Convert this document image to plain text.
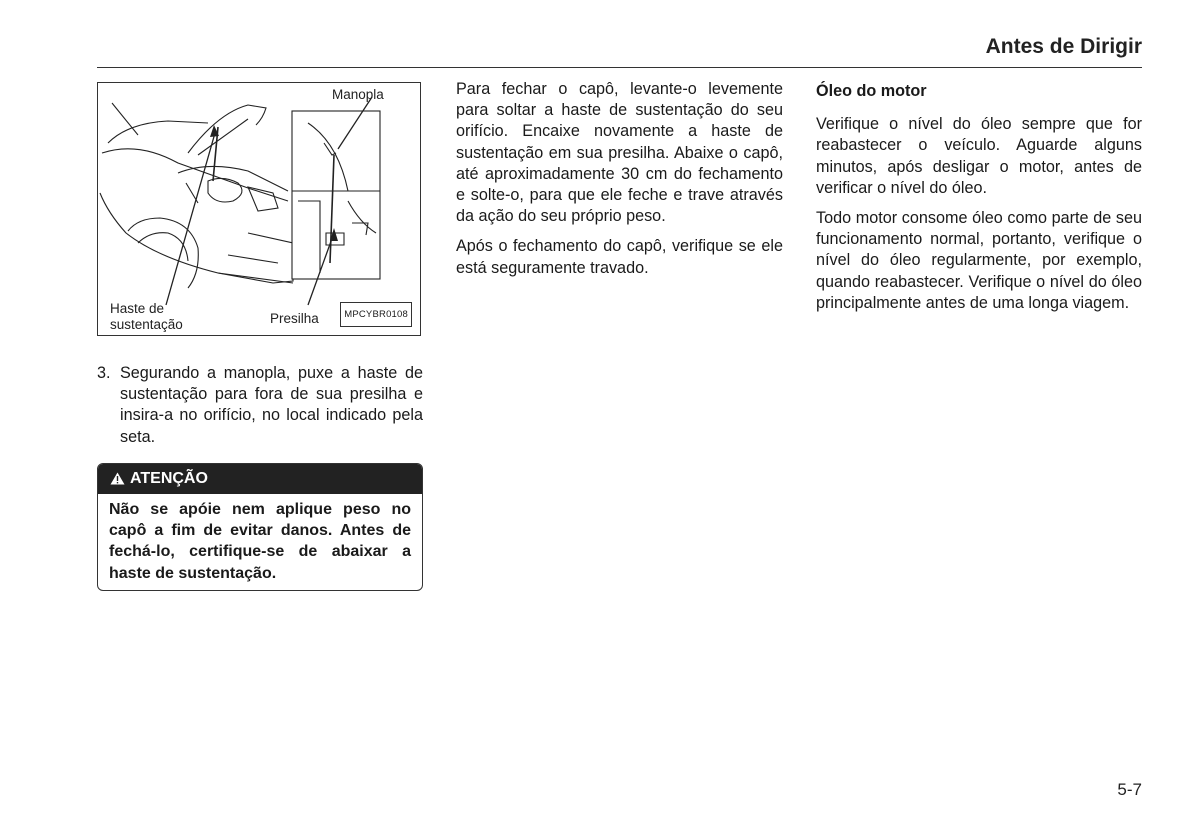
Antes de Dirigir
Manopla
Haste de
sustentação	Presilha	MPCYBR0108
3. Segurando a manopla, puxe a haste de sustentação para fora de sua presilha e insira-a no orifício, no local indicado pela seta.
ATENÇÃO
Não se apóie nem aplique peso no capô a fim de evitar danos. Antes de fechá-lo, certifique-se de abaixar a haste de sustentação.

Para fechar o capô, levante-o levemente para soltar a haste de sustentação do seu orifício. Encaixe novamente a haste de sustentação em sua presilha. Abaixe o capô, até aproximadamente 30 cm do fechamento e solte-o, para que ele feche e trave através da ação do seu próprio peso.

Após o fechamento do capô, verifique se ele está seguramente travado.

Óleo do motor

Verifique o nível do óleo sempre que for reabastecer o veículo. Aguarde alguns minutos, após desligar o motor, antes de verificar o nível do óleo.

Todo motor consome óleo como parte de seu funcionamento normal, portanto, verifique o nível do óleo regularmente, por exemplo, quando reabastecer. Verifique o nível do óleo principalmente antes de uma longa viagem.

5-7
